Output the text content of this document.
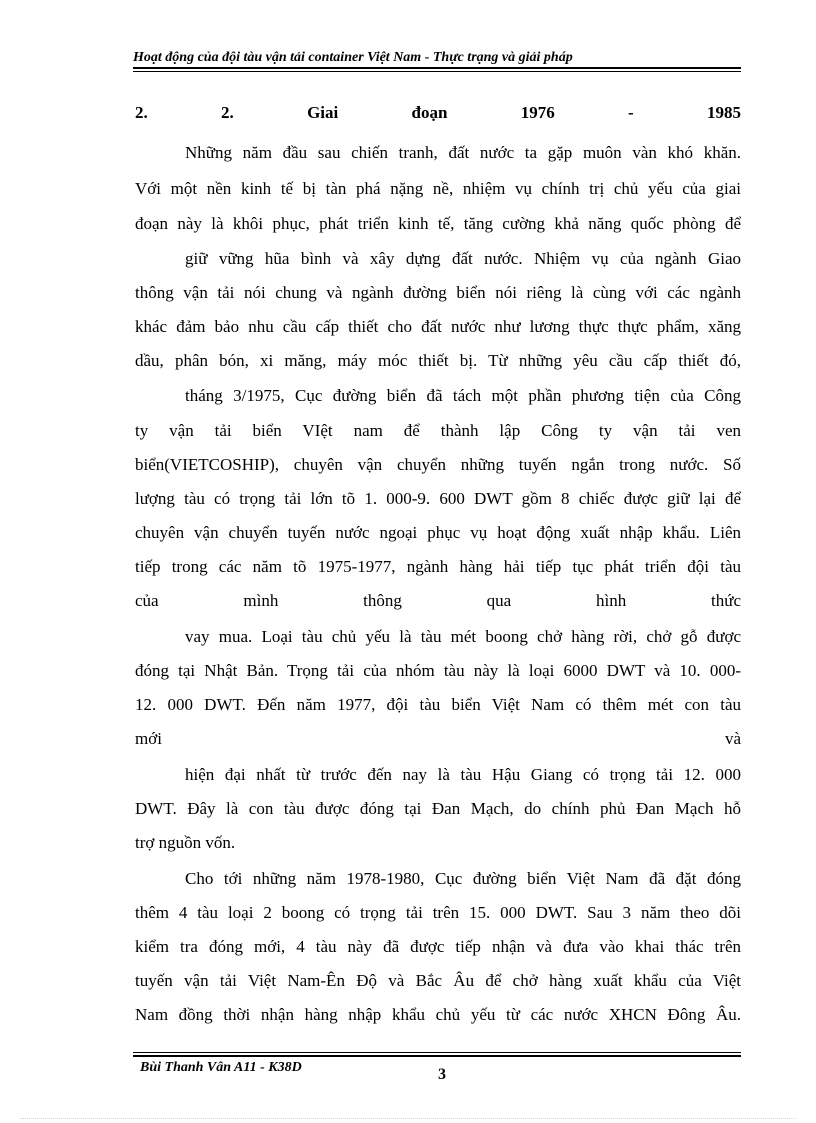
Hoạt động của đội tàu vận tải container Việt Nam - Thực trạng và giải pháp
2.	2.	Giai	đoạn	1976	-	1985
Những năm đầu sau chiến tranh, đất nước ta gặp muôn vàn khó khăn.
Với một nền kinh tế bị tàn phá nặng nề, nhiệm vụ chính trị chủ yếu của giai
đoạn này là khôi phục, phát triển kinh tế, tăng cường khả năng quốc phòng để
giữ vững hũa bình và xây dựng đất nước. Nhiệm vụ của ngành Giao
thông vận tải nói chung và ngành đường biển nói riêng là cùng với các ngành
khác đảm bảo nhu cầu cấp thiết cho đất nước như lương thực thực phẩm, xăng
dầu, phân bón, xi măng, máy móc thiết bị. Từ những yêu cầu cấp thiết đó,
tháng 3/1975, Cục đường biển đã tách một phần phương tiện của Công
ty vận tải biển VIệt nam để thành lập Công ty vận tải ven
biển(VIETCOSHIP), chuyên vận chuyển những tuyến ngắn trong nước. Số
lượng tàu có trọng tải lớn tõ 1. 000-9. 600 DWT gồm 8 chiếc được giữ lại để
chuyên vận chuyển tuyến nước ngoại phục vụ hoạt động xuất nhập khẩu. Liên
tiếp trong các năm tõ 1975-1977, ngành hàng hải tiếp tục phát triển đội tàu
của mình thông qua hình thức
vay mua. Loại tàu chủ yếu là tàu mét boong chở hàng rời, chở gỗ được
đóng tại Nhật Bản. Trọng tải của nhóm tàu này là loại 6000 DWT và 10. 000-
12. 000 DWT. Đến năm 1977, đội tàu biển Việt Nam có thêm mét con tàu
mới và
hiện đại nhất từ trước đến nay là tàu Hậu Giang có trọng tải 12. 000
DWT. Đây là con tàu được đóng tại Đan Mạch, do chính phủ Đan Mạch hỗ
trợ nguồn vốn.
Cho tới những năm 1978-1980, Cục đường biển Việt Nam đã đặt đóng
thêm 4 tàu loại 2 boong có trọng tải trên 15. 000 DWT. Sau 3 năm theo dõi
kiểm tra đóng mới, 4 tàu này đã được tiếp nhận và đưa vào khai thác trên
tuyến vận tải Việt Nam-Ên Độ và Bắc Âu để chở hàng xuất khẩu của Việt
Nam đồng thời nhận hàng nhập khẩu chủ yếu từ các nước XHCN Đông Âu.
Bùi Thanh Vân A11 - K38D	3
